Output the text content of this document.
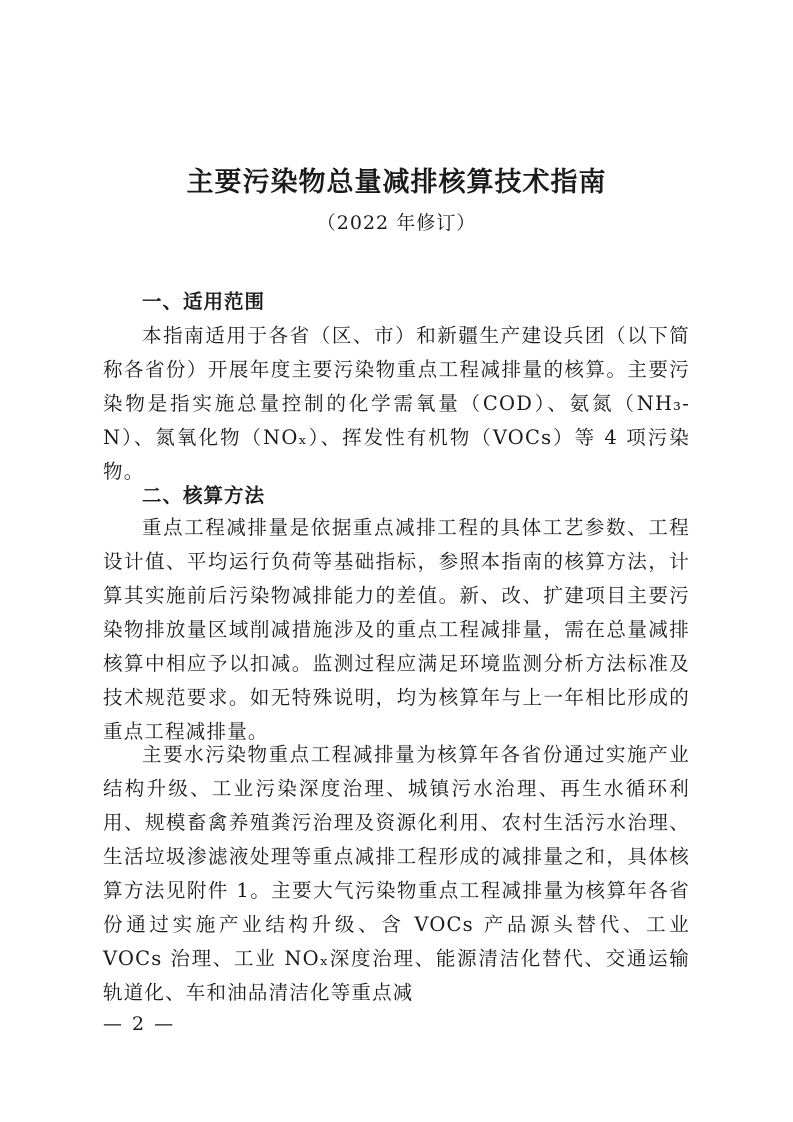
主要污染物总量减排核算技术指南

（2022 年修订）

一、适用范围

本指南适用于各省（区、市）和新疆生产建设兵团（以下简称各省份）开展年度主要污染物重点工程减排量的核算。主要污染物是指实施总量控制的化学需氧量（COD）、氨氮（NH₃-N）、氮氧化物（NOₓ）、挥发性有机物（VOCs）等 4 项污染物。

二、核算方法

重点工程减排量是依据重点减排工程的具体工艺参数、工程设计值、平均运行负荷等基础指标，参照本指南的核算方法，计算其实施前后污染物减排能力的差值。新、改、扩建项目主要污染物排放量区域削减措施涉及的重点工程减排量，需在总量减排核算中相应予以扣减。监测过程应满足环境监测分析方法标准及技术规范要求。如无特殊说明，均为核算年与上一年相比形成的重点工程减排量。

主要水污染物重点工程减排量为核算年各省份通过实施产业结构升级、工业污染深度治理、城镇污水治理、再生水循环利用、规模畜禽养殖粪污治理及资源化利用、农村生活污水治理、生活垃圾渗滤液处理等重点减排工程形成的减排量之和，具体核算方法见附件 1。主要大气污染物重点工程减排量为核算年各省份通过实施产业结构升级、含 VOCs 产品源头替代、工业 VOCs 治理、工业 NOₓ深度治理、能源清洁化替代、交通运输轨道化、车和油品清洁化等重点减

— 2 —
